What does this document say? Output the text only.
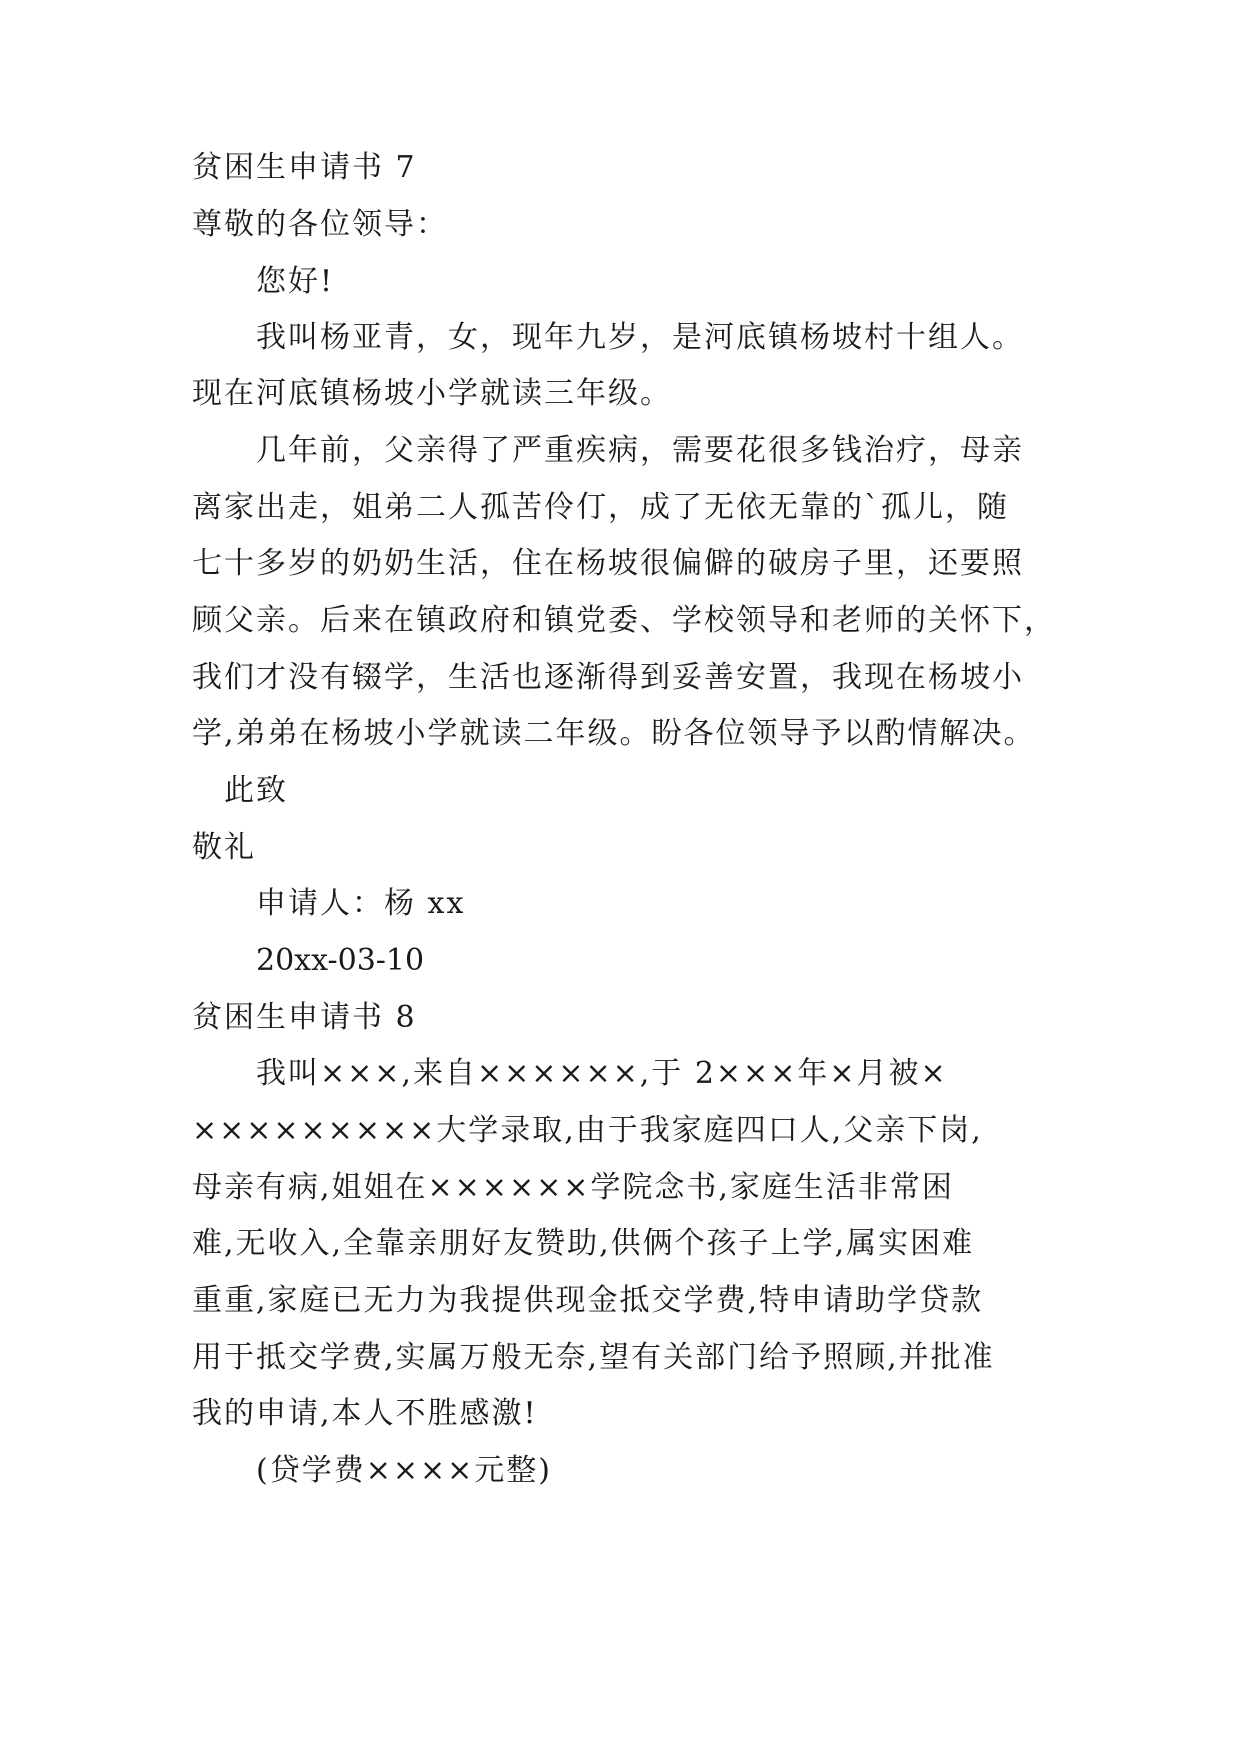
贫困生申请书 7
尊敬的各位领导：
您好!
我叫杨亚青，女，现年九岁，是河底镇杨坡村十组人。
现在河底镇杨坡小学就读三年级。
几年前，父亲得了严重疾病，需要花很多钱治疗，母亲
离家出走，姐弟二人孤苦伶仃，成了无依无靠的`孤儿，随
七十多岁的奶奶生活，住在杨坡很偏僻的破房子里，还要照
顾父亲。后来在镇政府和镇党委、学校领导和老师的关怀下，
我们才没有辍学，生活也逐渐得到妥善安置，我现在杨坡小
学,弟弟在杨坡小学就读二年级。盼各位领导予以酌情解决。
此致
敬礼
申请人：杨 xx
20xx-03-10
贫困生申请书 8
我叫×××,来自××××××,于 2×××年×月被×
×××××××××大学录取,由于我家庭四口人,父亲下岗,
母亲有病,姐姐在××××××学院念书,家庭生活非常困
难,无收入,全靠亲朋好友赞助,供俩个孩子上学,属实困难
重重,家庭已无力为我提供现金抵交学费,特申请助学贷款
用于抵交学费,实属万般无奈,望有关部门给予照顾,并批准
我的申请,本人不胜感激!
(贷学费××××元整)
